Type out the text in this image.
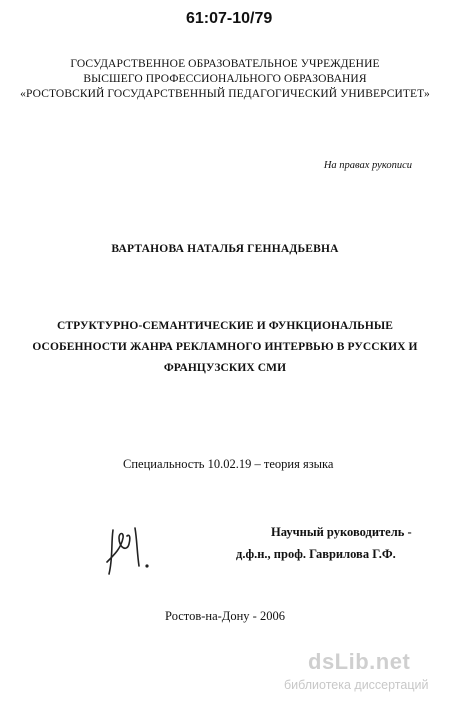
61:07-10/79
ГОСУДАРСТВЕННОЕ ОБРАЗОВАТЕЛЬНОЕ УЧРЕЖДЕНИЕ
ВЫСШЕГО ПРОФЕССИОНАЛЬНОГО ОБРАЗОВАНИЯ
«РОСТОВСКИЙ ГОСУДАРСТВЕННЫЙ ПЕДАГОГИЧЕСКИЙ УНИВЕРСИТЕТ»
На правах рукописи
ВАРТАНОВА НАТАЛЬЯ ГЕННАДЬЕВНА
СТРУКТУРНО-СЕМАНТИЧЕСКИЕ И ФУНКЦИОНАЛЬНЫЕ
ОСОБЕННОСТИ ЖАНРА РЕКЛАМНОГО ИНТЕРВЬЮ В РУССКИХ И
ФРАНЦУЗСКИХ СМИ
Специальность 10.02.19 – теория языка
Научный руководитель -
д.ф.н., проф. Гаврилова Г.Ф.
Ростов-на-Дону - 2006
dsLib.net
библиотека диссертаций
